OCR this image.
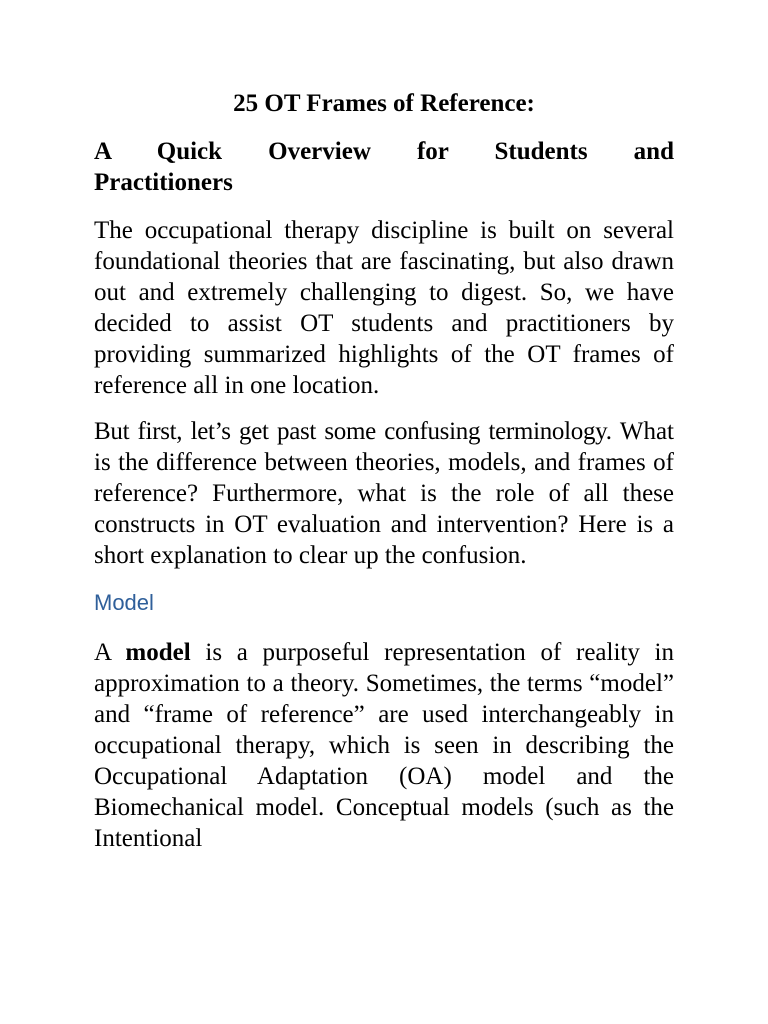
25 OT Frames of Reference:
A Quick Overview for Students and
Practitioners

The occupational therapy discipline is built on several foundational theories that are fascinating, but also drawn out and extremely challenging to digest. So, we have decided to assist OT students and practitioners by providing summarized highlights of the OT frames of reference all in one location.

But first, let’s get past some confusing terminology. What is the difference between theories, models, and frames of reference? Furthermore, what is the role of all these constructs in OT evaluation and intervention? Here is a short explanation to clear up the confusion.

Model

A model is a purposeful representation of reality in approximation to a theory. Sometimes, the terms “model” and “frame of reference” are used interchangeably in occupational therapy, which is seen in describing the Occupational Adaptation (OA) model and the Biomechanical model. Conceptual models (such as the Intentional
